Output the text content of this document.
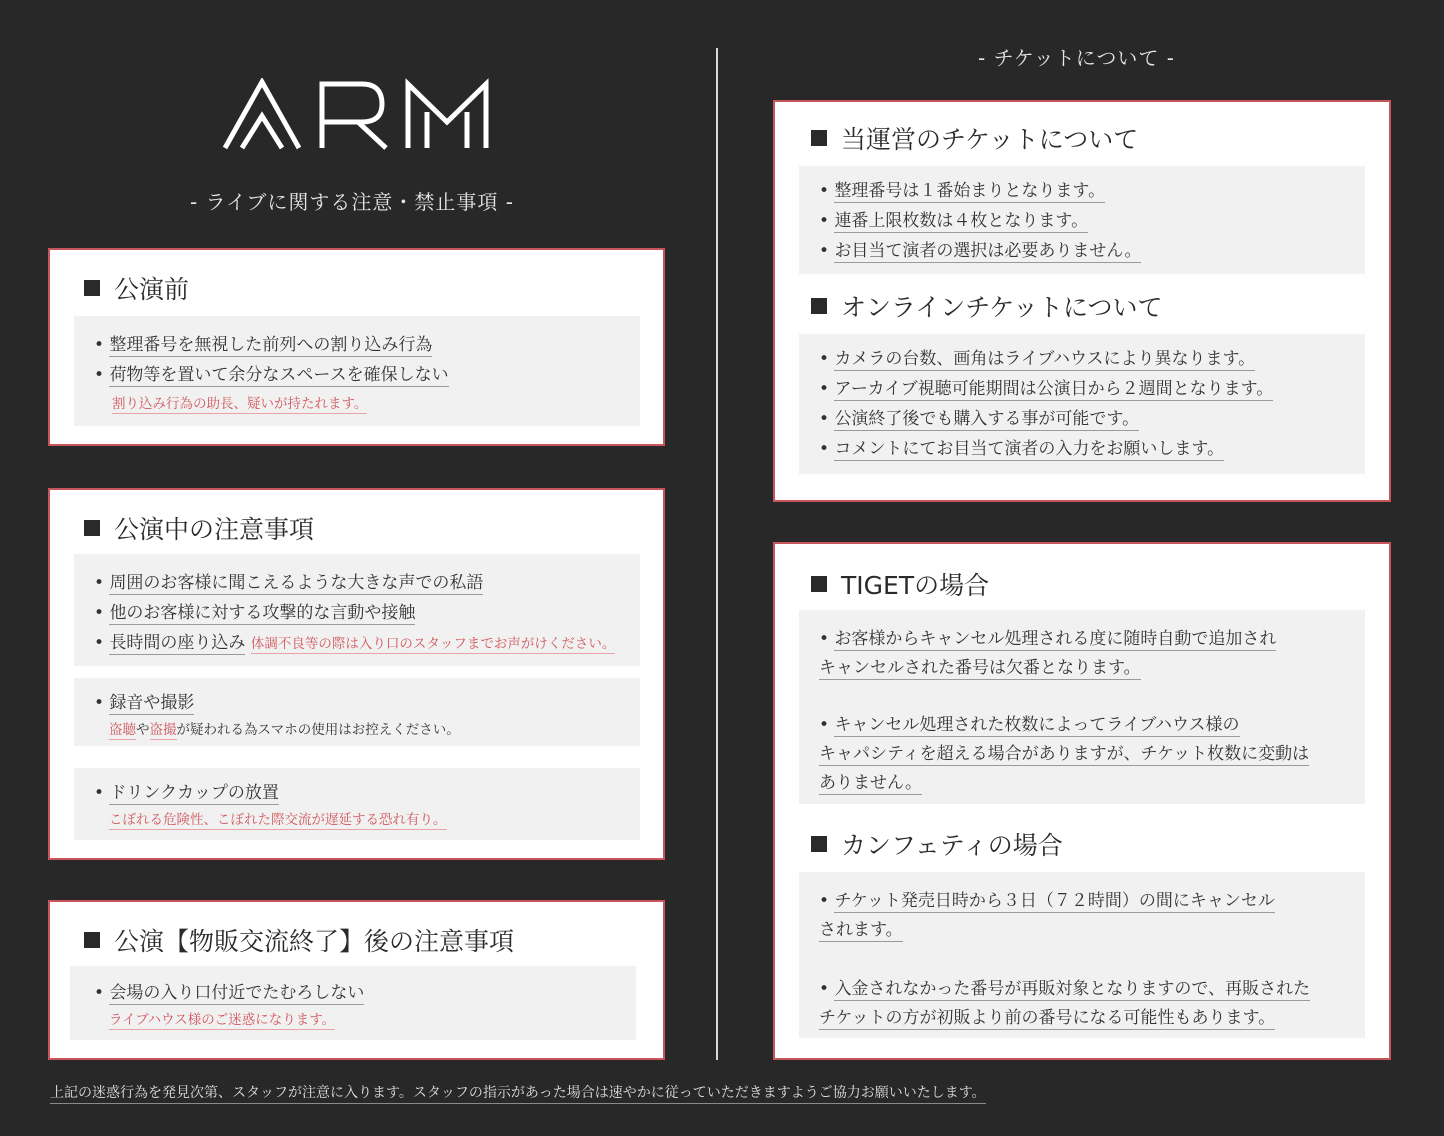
- ライブに関する注意・禁止事項 -
- チケットについて -
公演前
• 整理番号を無視した前列への割り込み行為
• 荷物等を置いて余分なスペースを確保しない
割り込み行為の助長、疑いが持たれます。
公演中の注意事項
• 周囲のお客様に聞こえるような大きな声での私語
• 他のお客様に対する攻撃的な言動や接触
• 長時間の座り込み 体調不良等の際は入り口のスタッフまでお声がけください。
• 録音や撮影
盗聴や盗撮が疑われる為スマホの使用はお控えください。
• ドリンクカップの放置
こぼれる危険性、こぼれた際交流が遅延する恐れ有り。
公演【物販交流終了】後の注意事項
• 会場の入り口付近でたむろしない
ライブハウス様のご迷惑になります。
当運営のチケットについて
• 整理番号は１番始まりとなります。
• 連番上限枚数は４枚となります。
• お目当て演者の選択は必要ありません。
オンラインチケットについて
• カメラの台数、画角はライブハウスにより異なります。
• アーカイブ視聴可能期間は公演日から２週間となります。
• 公演終了後でも購入する事が可能です。
• コメントにてお目当て演者の入力をお願いします。
TIGETの場合
• お客様からキャンセル処理される度に随時自動で追加され
キャンセルされた番号は欠番となります。
• キャンセル処理された枚数によってライブハウス様の
キャパシティを超える場合がありますが、チケット枚数に変動は
ありません。
カンフェティの場合
• チケット発売日時から３日（７２時間）の間にキャンセル
されます。
• 入金されなかった番号が再販対象となりますので、再販された
チケットの方が初販より前の番号になる可能性もあります。
上記の迷惑行為を発見次第、スタッフが注意に入ります。スタッフの指示があった場合は速やかに従っていただきますようご協力お願いいたします。
